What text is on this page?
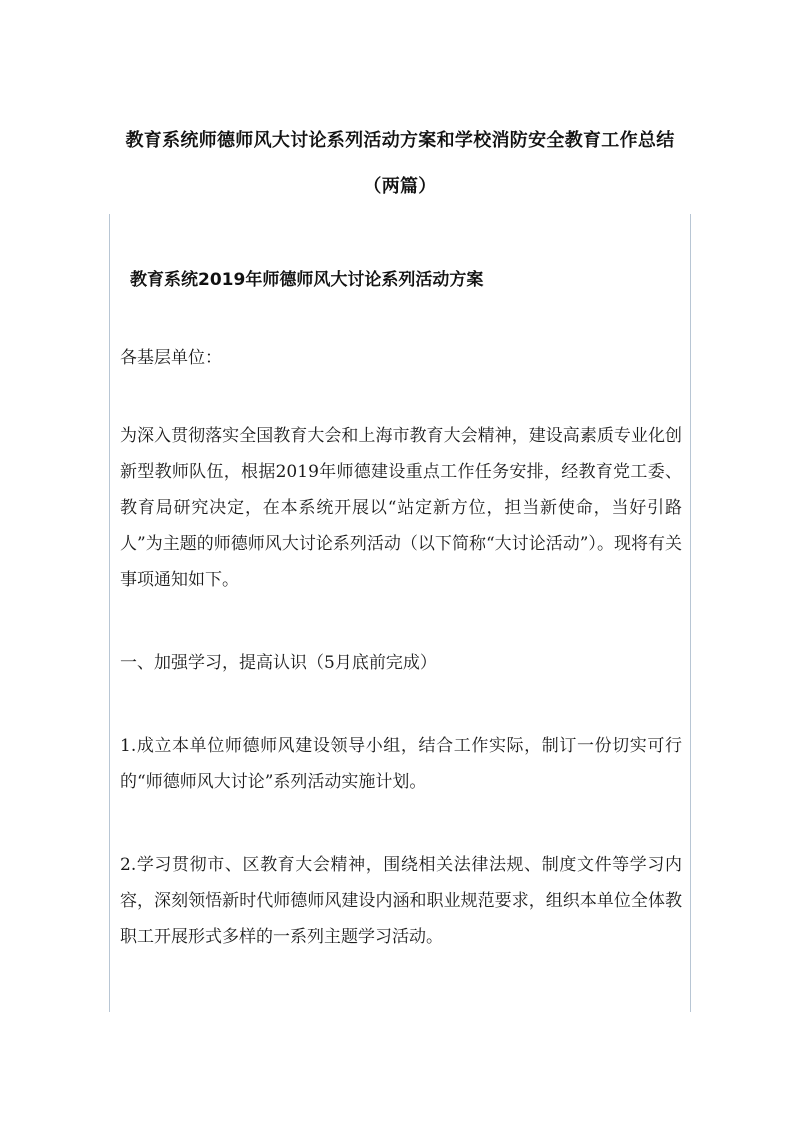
教育系统师德师风大讨论系列活动方案和学校消防安全教育工作总结（两篇）

教育系统2019年师德师风大讨论系列活动方案

各基层单位：

为深入贯彻落实全国教育大会和上海市教育大会精神，建设高素质专业化创新型教师队伍，根据2019年师德建设重点工作任务安排，经教育党工委、教育局研究决定，在本系统开展以“站定新方位，担当新使命，当好引路人”为主题的师德师风大讨论系列活动（以下简称“大讨论活动”）。现将有关事项通知如下。

一、加强学习，提高认识（5月底前完成）

1.成立本单位师德师风建设领导小组，结合工作实际，制订一份切实可行的“师德师风大讨论”系列活动实施计划。

2.学习贯彻市、区教育大会精神，围绕相关法律法规、制度文件等学习内容，深刻领悟新时代师德师风建设内涵和职业规范要求，组织本单位全体教职工开展形式多样的一系列主题学习活动。
